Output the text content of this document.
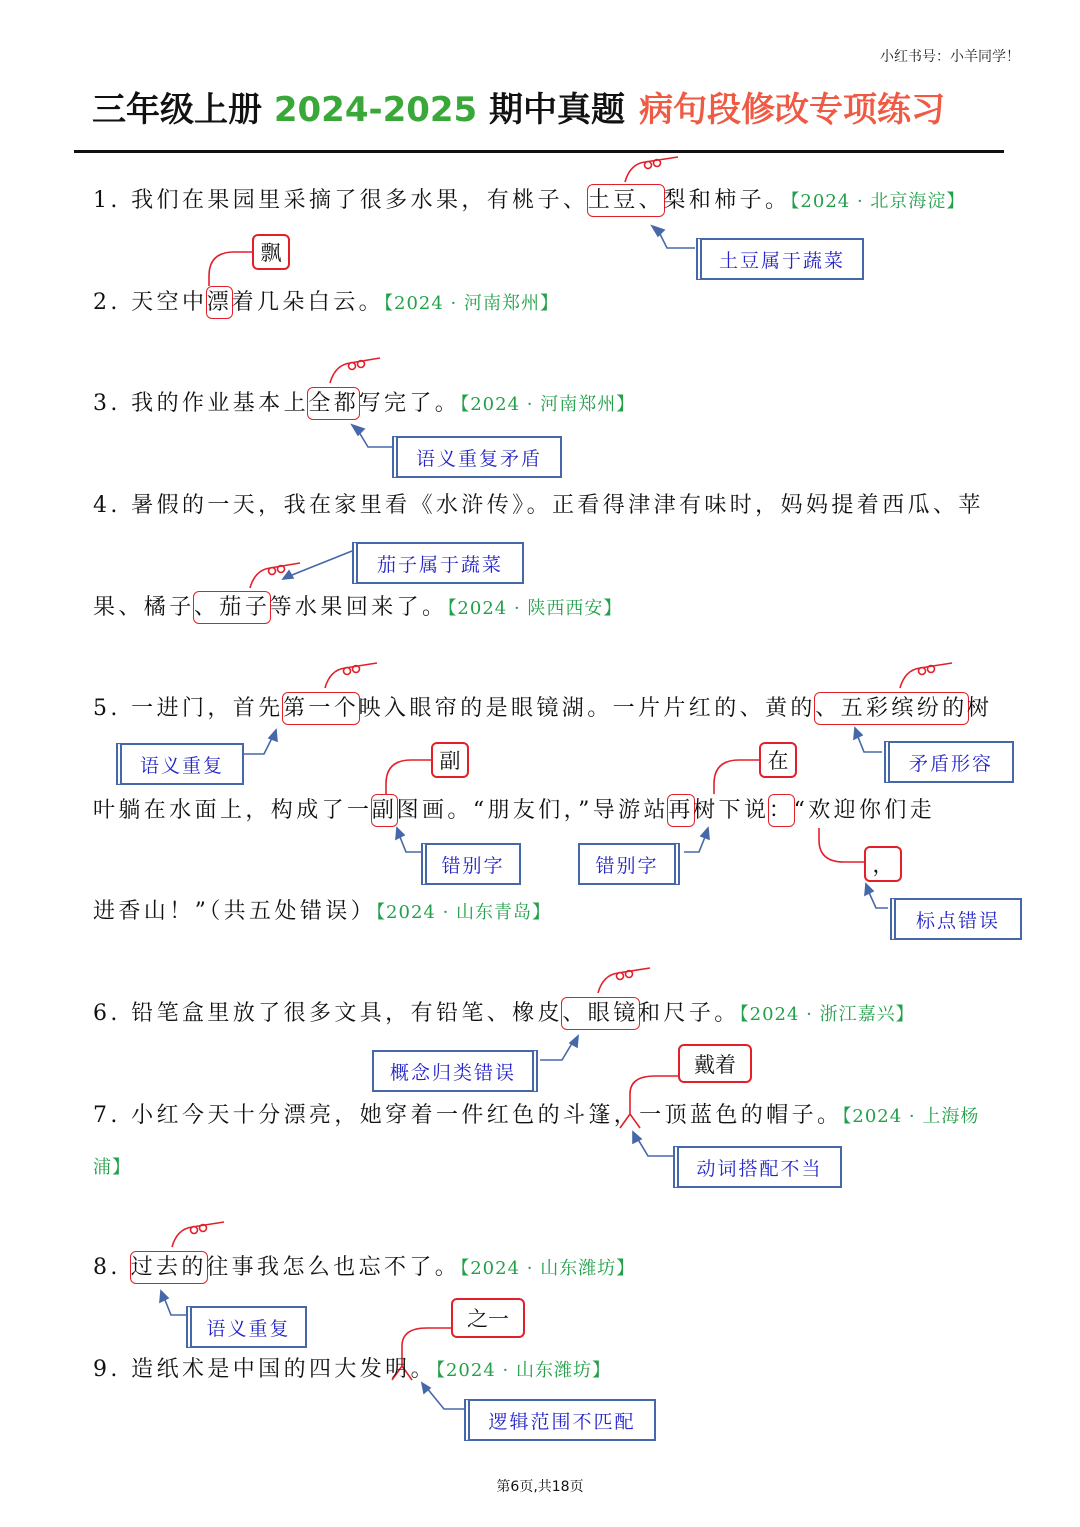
小红书号：小羊同学！
三年级上册 2024-2025 期中真题 病句段修改专项练习
1. 我们在果园里采摘了很多水果，有桃子、土豆、梨和柿子。【2024 · 北京海淀】
土豆属于蔬菜
飘
2. 天空中漂着几朵白云。【2024 · 河南郑州】
3. 我的作业基本上全都写完了。【2024 · 河南郑州】
语义重复矛盾
4. 暑假的一天，我在家里看《水浒传》。正看得津津有味时，妈妈提着西瓜、苹
茄子属于蔬菜
果、橘子、茄子等水果回来了。【2024 · 陕西西安】
5. 一进门，首先第一个映入眼帘的是眼镜湖。一片片红的、黄的、五彩缤纷的树
语义重复	矛盾形容
副	在
叶躺在水面上，构成了一副图画。“朋友们，”导游站再树下说：“欢迎你们走
错别字	错别字	，
标点错误
进香山！”（共五处错误）【2024 · 山东青岛】
6. 铅笔盒里放了很多文具，有铅笔、橡皮、眼镜和尺子。【2024 · 浙江嘉兴】
概念归类错误	戴着
7. 小红今天十分漂亮，她穿着一件红色的斗篷，一顶蓝色的帽子。【2024 · 上海杨
浦】	动词搭配不当
8. 过去的往事我怎么也忘不了。【2024 · 山东潍坊】
语义重复	之一
9. 造纸术是中国的四大发明。【2024 · 山东潍坊】
逻辑范围不匹配
第6页,共18页
